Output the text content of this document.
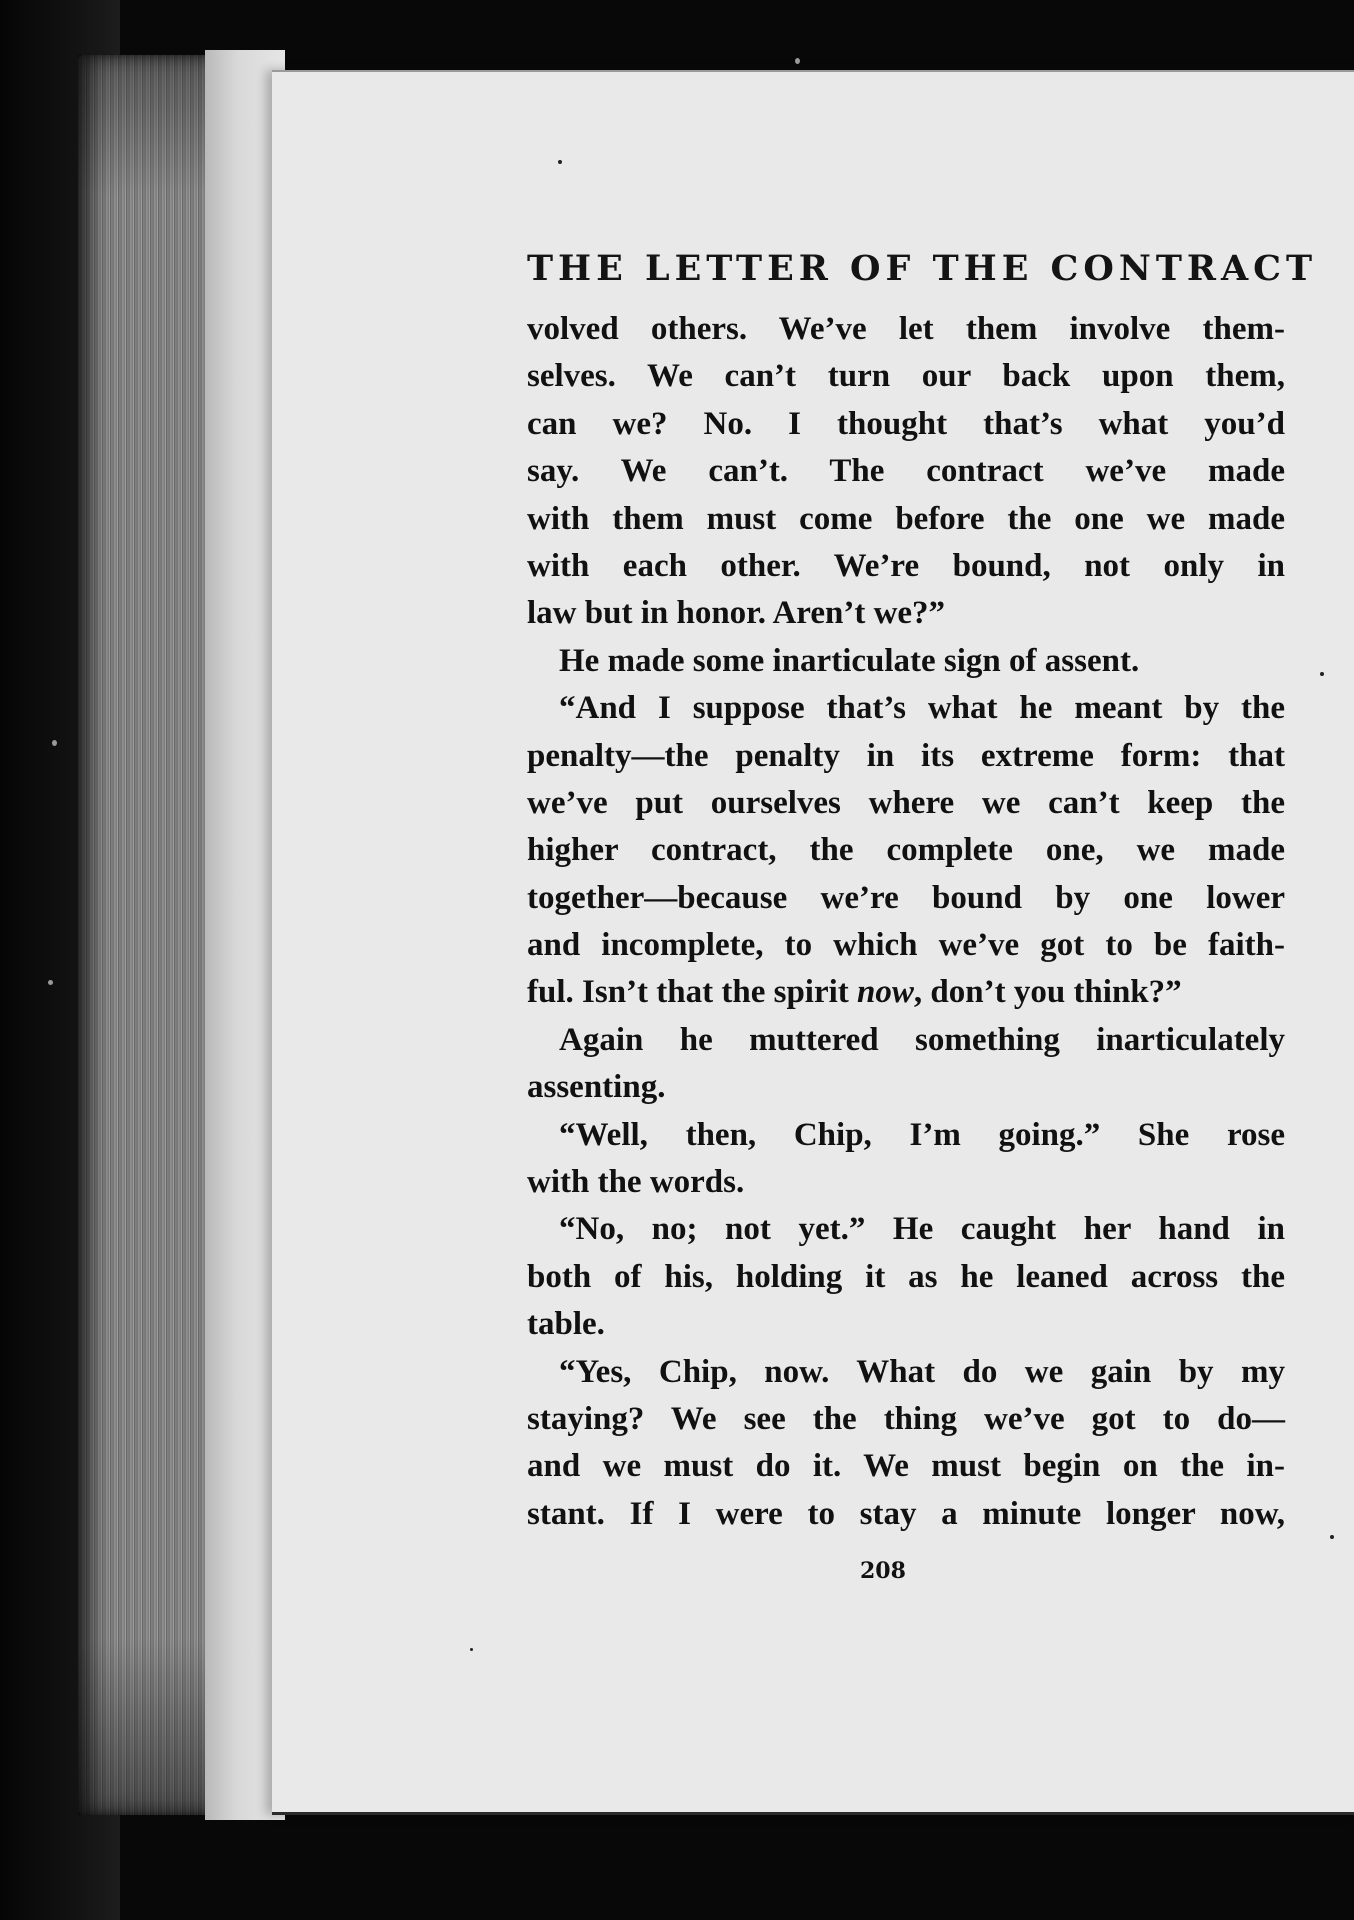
THE LETTER OF THE CONTRACT
volved others. We’ve let them involve them-
selves. We can’t turn our back upon them,
can we? No. I thought that’s what you’d
say. We can’t. The contract we’ve made
with them must come before the one we made
with each other. We’re bound, not only in
law but in honor. Aren’t we?”
He made some inarticulate sign of assent.
“And I suppose that’s what he meant by the
penalty—the penalty in its extreme form: that
we’ve put ourselves where we can’t keep the
higher contract, the complete one, we made
together—because we’re bound by one lower
and incomplete, to which we’ve got to be faith-
ful. Isn’t that the spirit now, don’t you think?”
Again he muttered something inarticulately
assenting.
“Well, then, Chip, I’m going.” She rose
with the words.
“No, no; not yet.” He caught her hand in
both of his, holding it as he leaned across the
table.
“Yes, Chip, now. What do we gain by my
staying? We see the thing we’ve got to do—
and we must do it. We must begin on the in-
stant. If I were to stay a minute longer now,
208
